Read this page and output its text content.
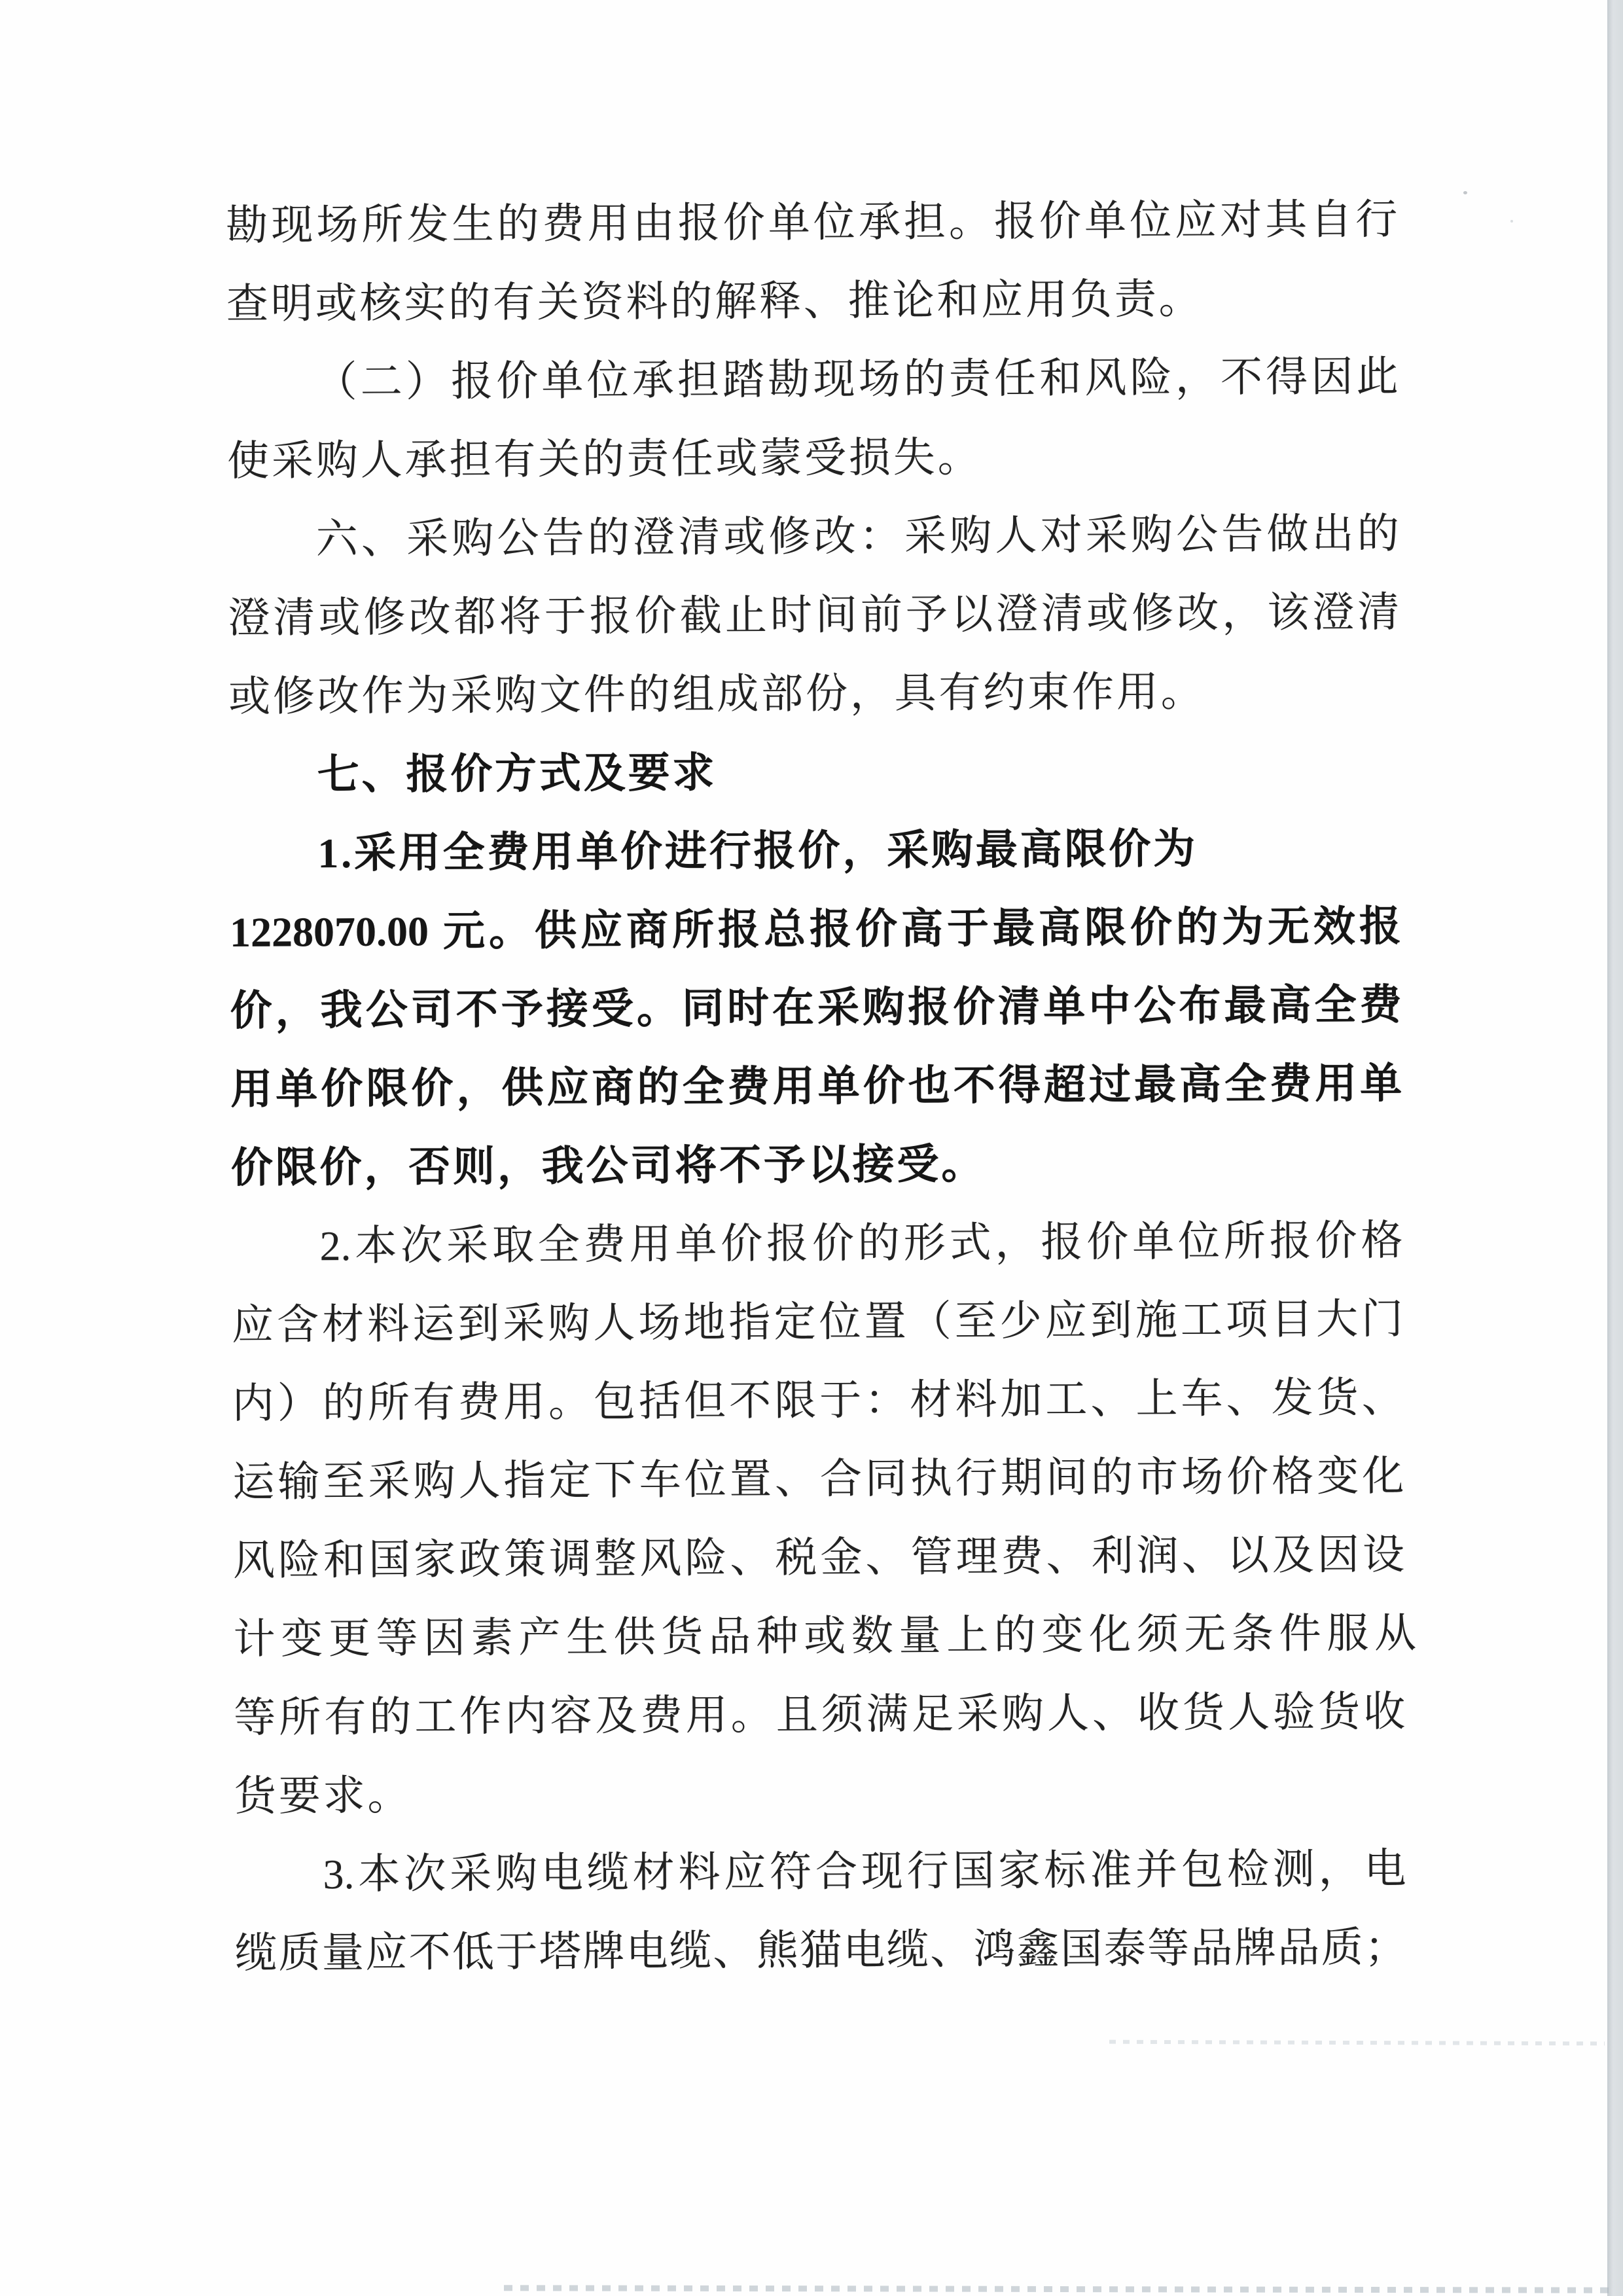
勘现场所发生的费用由报价单位承担。报价单位应对其自行
查明或核实的有关资料的解释、推论和应用负责。
（二）报价单位承担踏勘现场的责任和风险，不得因此
使采购人承担有关的责任或蒙受损失。
六、采购公告的澄清或修改：采购人对采购公告做出的
澄清或修改都将于报价截止时间前予以澄清或修改，该澄清
或修改作为采购文件的组成部份，具有约束作用。
七、报价方式及要求
1.采用全费用单价进行报价，采购最高限价为
1228070.00 元。供应商所报总报价高于最高限价的为无效报
价，我公司不予接受。同时在采购报价清单中公布最高全费
用单价限价，供应商的全费用单价也不得超过最高全费用单
价限价，否则，我公司将不予以接受。
2.本次采取全费用单价报价的形式，报价单位所报价格
应含材料运到采购人场地指定位置（至少应到施工项目大门
内）的所有费用。包括但不限于：材料加工、上车、发货、
运输至采购人指定下车位置、合同执行期间的市场价格变化
风险和国家政策调整风险、税金、管理费、利润、以及因设
计变更等因素产生供货品种或数量上的变化须无条件服从
等所有的工作内容及费用。且须满足采购人、收货人验货收
货要求。
3.本次采购电缆材料应符合现行国家标准并包检测，电
缆质量应不低于塔牌电缆、熊猫电缆、鸿鑫国泰等品牌品质；
